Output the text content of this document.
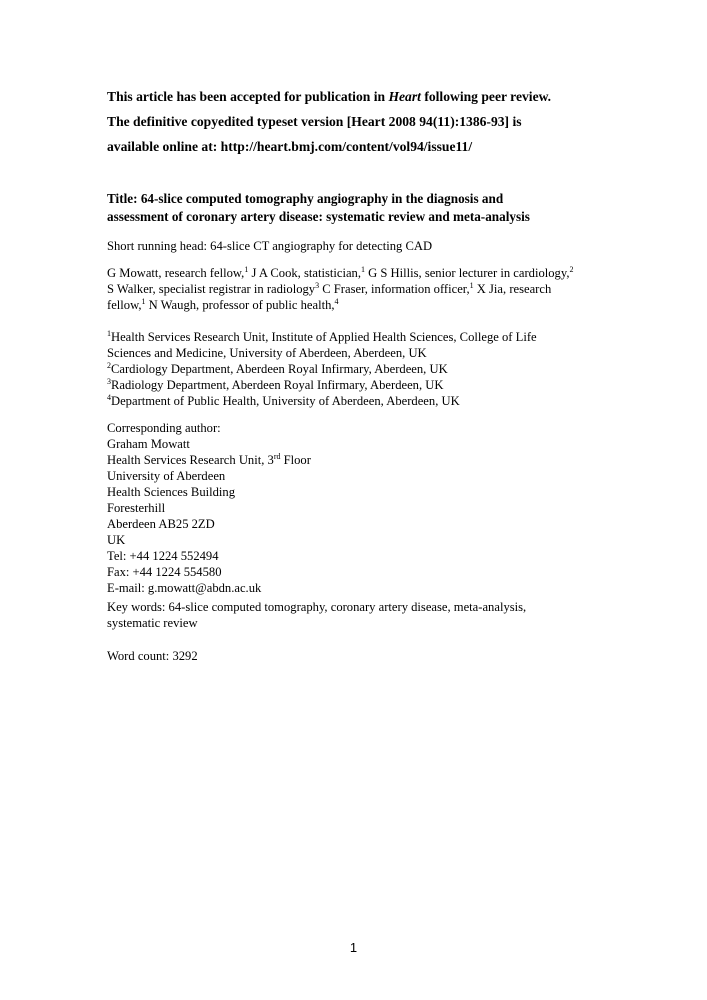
This article has been accepted for publication in Heart following peer review.

The definitive copyedited typeset version [Heart 2008 94(11):1386-93] is

available online at: http://heart.bmj.com/content/vol94/issue11/

Title: 64-slice computed tomography angiography in the diagnosis and

assessment of coronary artery disease: systematic review and meta-analysis

Short running head: 64-slice CT angiography for detecting CAD

G Mowatt, research fellow,$^1$ J A Cook, statistician,$^1$ G S Hillis, senior lecturer in cardiology,$^2$

S Walker, specialist registrar in radiology$^3$ C Fraser, information officer,$^1$ X Jia, research

fellow,$^1$ N Waugh, professor of public health,$^4$

$^1$Health Services Research Unit, Institute of Applied Health Sciences, College of Life

Sciences and Medicine, University of Aberdeen, Aberdeen, UK

$^2$Cardiology Department, Aberdeen Royal Infirmary, Aberdeen, UK

$^3$Radiology Department, Aberdeen Royal Infirmary, Aberdeen, UK

$^4$Department of Public Health, University of Aberdeen, Aberdeen, UK

Corresponding author:

Graham Mowatt

Health Services Research Unit, 3rd Floor

University of Aberdeen

Health Sciences Building

Foresterhill

Aberdeen AB25 2ZD

UK

Tel: +44 1224 552494

Fax: +44 1224 554580

E-mail: g.mowatt@abdn.ac.uk

Key words: 64-slice computed tomography, coronary artery disease, meta-analysis,

systematic review

Word count: 3292

1
